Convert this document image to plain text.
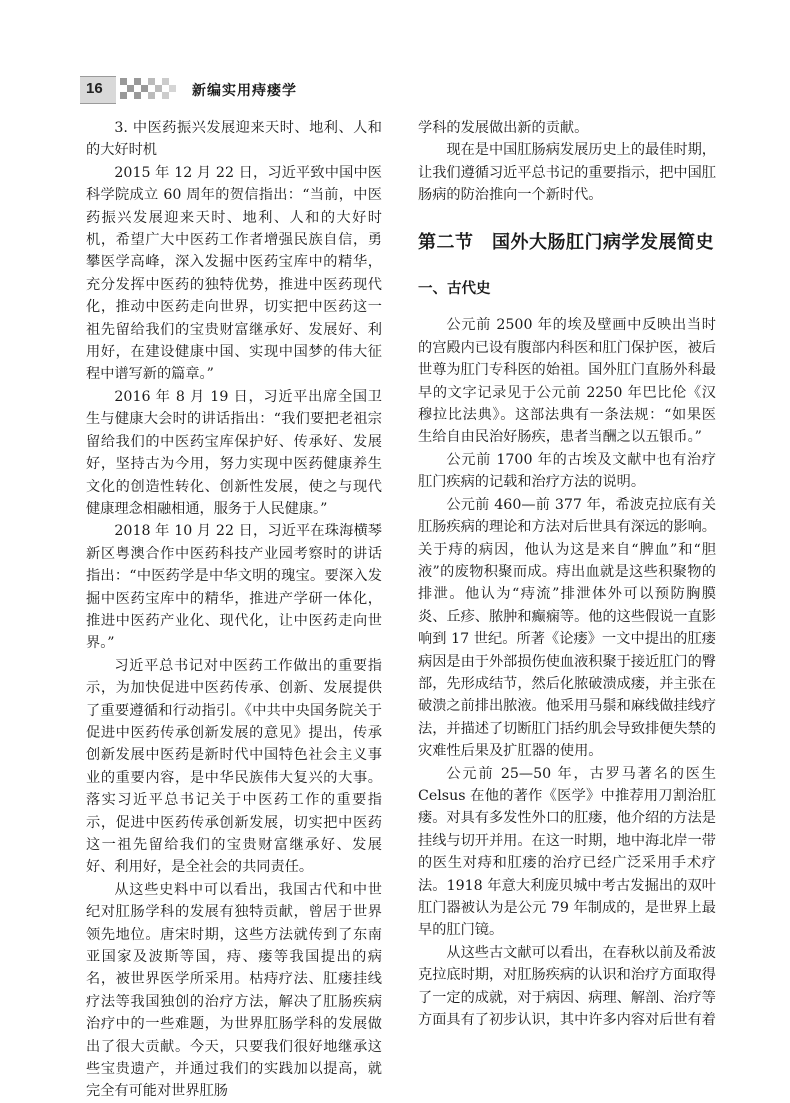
16	新编实用痔瘘学

3. 中医药振兴发展迎来天时、地利、人和的大好时机

2015 年 12 月 22 日，习近平致中国中医科学院成立 60 周年的贺信指出：“当前，中医药振兴发展迎来天时、地利、人和的大好时机，希望广大中医药工作者增强民族自信，勇攀医学高峰，深入发掘中医药宝库中的精华，充分发挥中医药的独特优势，推进中医药现代化，推动中医药走向世界，切实把中医药这一祖先留给我们的宝贵财富继承好、发展好、利用好，在建设健康中国、实现中国梦的伟大征程中谱写新的篇章。”

2016 年 8 月 19 日，习近平出席全国卫生与健康大会时的讲话指出：“我们要把老祖宗留给我们的中医药宝库保护好、传承好、发展好，坚持古为今用，努力实现中医药健康养生文化的创造性转化、创新性发展，使之与现代健康理念相融相通，服务于人民健康。”

2018 年 10 月 22 日，习近平在珠海横琴新区粤澳合作中医药科技产业园考察时的讲话指出：“中医药学是中华文明的瑰宝。要深入发掘中医药宝库中的精华，推进产学研一体化，推进中医药产业化、现代化，让中医药走向世界。”

习近平总书记对中医药工作做出的重要指示，为加快促进中医药传承、创新、发展提供了重要遵循和行动指引。《中共中央国务院关于促进中医药传承创新发展的意见》提出，传承创新发展中医药是新时代中国特色社会主义事业的重要内容，是中华民族伟大复兴的大事。落实习近平总书记关于中医药工作的重要指示，促进中医药传承创新发展，切实把中医药这一祖先留给我们的宝贵财富继承好、发展好、利用好，是全社会的共同责任。

从这些史料中可以看出，我国古代和中世纪对肛肠学科的发展有独特贡献，曾居于世界领先地位。唐宋时期，这些方法就传到了东南亚国家及波斯等国，痔、瘘等我国提出的病名，被世界医学所采用。枯痔疗法、肛瘘挂线疗法等我国独创的治疗方法，解决了肛肠疾病治疗中的一些难题，为世界肛肠学科的发展做出了很大贡献。今天，只要我们很好地继承这些宝贵遗产，并通过我们的实践加以提高，就完全有可能对世界肛肠

学科的发展做出新的贡献。

现在是中国肛肠病发展历史上的最佳时期，让我们遵循习近平总书记的重要指示，把中国肛肠病的防治推向一个新时代。

第二节　国外大肠肛门病学发展简史
一、古代史

公元前 2500 年的埃及壁画中反映出当时的宫殿内已设有腹部内科医和肛门保护医，被后世尊为肛门专科医的始祖。国外肛门直肠外科最早的文字记录见于公元前 2250 年巴比伦《汉穆拉比法典》。这部法典有一条法规：“如果医生给自由民治好肠疾，患者当酬之以五银币。”

公元前 1700 年的古埃及文献中也有治疗肛门疾病的记载和治疗方法的说明。

公元前 460—前 377 年，希波克拉底有关肛肠疾病的理论和方法对后世具有深远的影响。关于痔的病因，他认为这是来自“脾血”和“胆液”的废物积聚而成。痔出血就是这些积聚物的排泄。他认为“痔流”排泄体外可以预防胸膜炎、丘疹、脓肿和癫痫等。他的这些假说一直影响到 17 世纪。所著《论瘘》一文中提出的肛瘘病因是由于外部损伤使血液积聚于接近肛门的臀部，先形成结节，然后化脓破溃成瘘，并主张在破溃之前排出脓液。他采用马鬃和麻线做挂线疗法，并描述了切断肛门括约肌会导致排便失禁的灾难性后果及扩肛器的使用。

公元前 25—50 年，古罗马著名的医生 Celsus 在他的著作《医学》中推荐用刀割治肛瘘。对具有多发性外口的肛瘘，他介绍的方法是挂线与切开并用。在这一时期，地中海北岸一带的医生对痔和肛瘘的治疗已经广泛采用手术疗法。1918 年意大利庞贝城中考古发掘出的双叶肛门器被认为是公元 79 年制成的，是世界上最早的肛门镜。

从这些古文献可以看出，在春秋以前及希波克拉底时期，对肛肠疾病的认识和治疗方面取得了一定的成就，对于病因、病理、解剖、治疗等方面具有了初步认识，其中许多内容对后世有着
